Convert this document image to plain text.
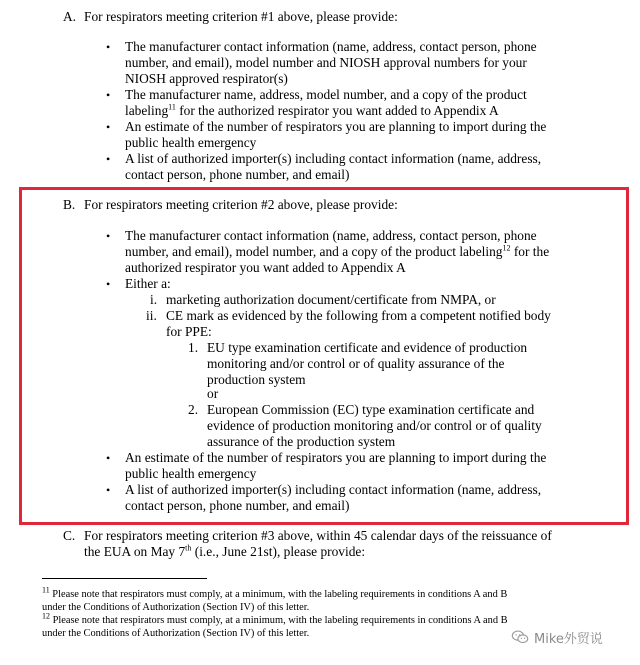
A. For respirators meeting criterion #1 above, please provide:
• The manufacturer contact information (name, address, contact person, phone
number, and email), model number and NIOSH approval numbers for your
NIOSH approved respirator(s)
• The manufacturer name, address, model number, and a copy of the product
labeling$^{11}$ for the authorized respirator you want added to Appendix A
• An estimate of the number of respirators you are planning to import during the
public health emergency
• A list of authorized importer(s) including contact information (name, address,
contact person, phone number, and email)
B. For respirators meeting criterion #2 above, please provide:
• The manufacturer contact information (name, address, contact person, phone
number, and email), model number, and a copy of the product labeling$^{12}$ for the
authorized respirator you want added to Appendix A
• Either a:
i. marketing authorization document/certificate from NMPA, or
ii. CE mark as evidenced by the following from a competent notified body
for PPE:
1. EU type examination certificate and evidence of production
monitoring and/or control or of quality assurance of the
production system
or
2. European Commission (EC) type examination certificate and
evidence of production monitoring and/or control or of quality
assurance of the production system
• An estimate of the number of respirators you are planning to import during the
public health emergency
• A list of authorized importer(s) including contact information (name, address,
contact person, phone number, and email)
C. For respirators meeting criterion #3 above, within 45 calendar days of the reissuance of
the EUA on May 7th (i.e., June 21st), please provide:
$^{11}$ Please note that respirators must comply, at a minimum, with the labeling requirements in conditions A and B
under the Conditions of Authorization (Section IV) of this letter.
$^{12}$ Please note that respirators must comply, at a minimum, with the labeling requirements in conditions A and B
under the Conditions of Authorization (Section IV) of this letter.	Mike外贸说
